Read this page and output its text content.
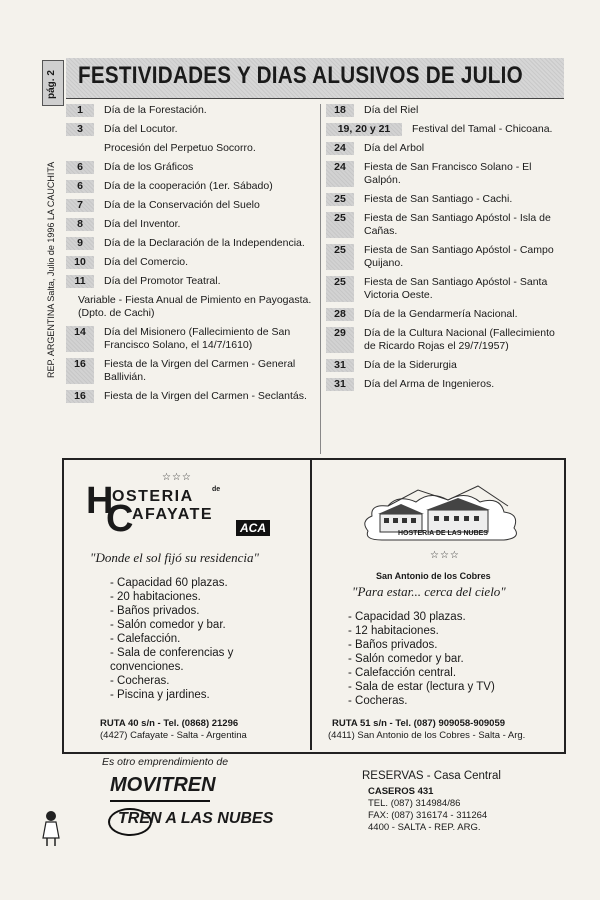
pág. 2
REP. ARGENTINA Salta, Julio de 1996 LA CAUCHITA
FESTIVIDADES Y DIAS ALUSIVOS DE JULIO
1	Día de la Forestación.
3	Día del Locutor.
Procesión del Perpetuo Socorro.
6	Día de los Gráficos
6	Día de la cooperación (1er. Sábado)
7	Día de la Conservación del Suelo
8	Día del Inventor.
9	Día de la Declaración de la Independencia.
10	Día del Comercio.
11	Día del Promotor Teatral.
Variable - Fiesta Anual de Pimiento en Payogasta.(Dpto. de Cachi)
14	Día del Misionero (Fallecimiento de San Francisco Solano, el 14/7/1610)
16	Fiesta de la Virgen del Carmen - General Ballivián.
16	Fiesta de la Virgen del Carmen - Seclantás.
18	Día del Riel
19, 20 y 21	Festival del Tamal - Chicoana.
24	Día del Arbol
24	Fiesta de San Francisco Solano - El Galpón.
25	Fiesta de San Santiago - Cachi.
25	Fiesta de San Santiago Apóstol - Isla de Cañas.
25	Fiesta de San Santiago Apóstol - Campo Quijano.
25	Fiesta de San Santiago Apóstol - Santa Victoria Oeste.
28	Día de la Gendarmería Nacional.
29	Día de la Cultura Nacional (Fallecimiento de Ricardo Rojas el 29/7/1957)
31	Día de la Siderurgia
31	Día del Arma de Ingenieros.
☆☆☆
H
C
OSTERIA	de
AFAYATE
ACA
"Donde el sol fijó su residencia"
- Capacidad 60 plazas.
- 20 habitaciones.
- Baños privados.
- Salón comedor y bar.
- Calefacción.
- Sala de conferencias y convenciones.
- Cocheras.
- Piscina y jardines.
RUTA 40 s/n - Tel. (0868) 21296
(4427) Cafayate - Salta - Argentina
HOSTERIA DE LAS NUBES
☆☆☆
San Antonio de los Cobres
"Para estar... cerca del cielo"
- Capacidad 30 plazas.
- 12 habitaciones.
- Baños privados.
- Salón comedor y bar.
- Calefacción central.
- Sala de estar (lectura y TV)
- Cocheras.
RUTA 51 s/n - Tel. (087) 909058-909059
(4411) San Antonio de los Cobres - Salta - Arg.
Es otro emprendimiento de
MOVITREN
TREN A LAS NUBES
RESERVAS - Casa Central
CASEROS 431
TEL. (087) 314984/86
FAX: (087) 316174 - 311264
4400 - SALTA - REP. ARG.
